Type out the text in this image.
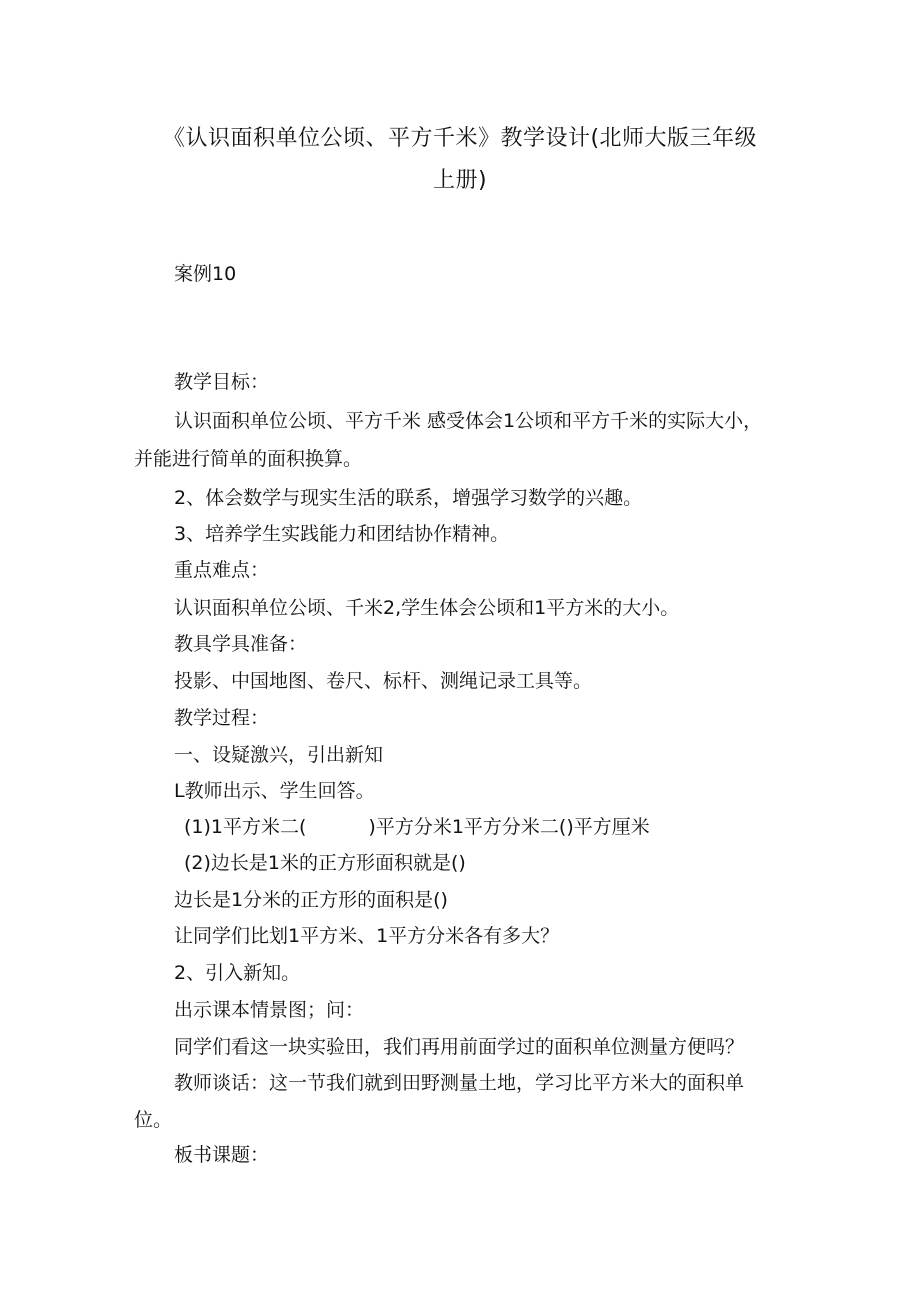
《认识面积单位公顷、平方千米》教学设计(北师大版三年级
上册)
案例10
教学目标：
认识面积单位公顷、平方千米 感受体会1公顷和平方千米的实际大小，
并能进行简单的面积换算。
2、体会数学与现实生活的联系，增强学习数学的兴趣。
3、培养学生实践能力和团结协作精神。
重点难点：
认识面积单位公顷、千米2,学生体会公顷和1平方米的大小。
教具学具准备：
投影、中国地图、卷尺、标杆、测绳记录工具等。
教学过程：
一、设疑激兴，引出新知
L教师出示、学生回答。
(1)1平方米二(	)平方分米1平方分米二()平方厘米
(2)边长是1米的正方形面积就是()
边长是1分米的正方形的面积是()
让同学们比划1平方米、1平方分米各有多大？
2、引入新知。
出示课本情景图；问：
同学们看这一块实验田，我们再用前面学过的面积单位测量方便吗？
教师谈话：这一节我们就到田野测量土地，学习比平方米大的面积单
位。
板书课题：
